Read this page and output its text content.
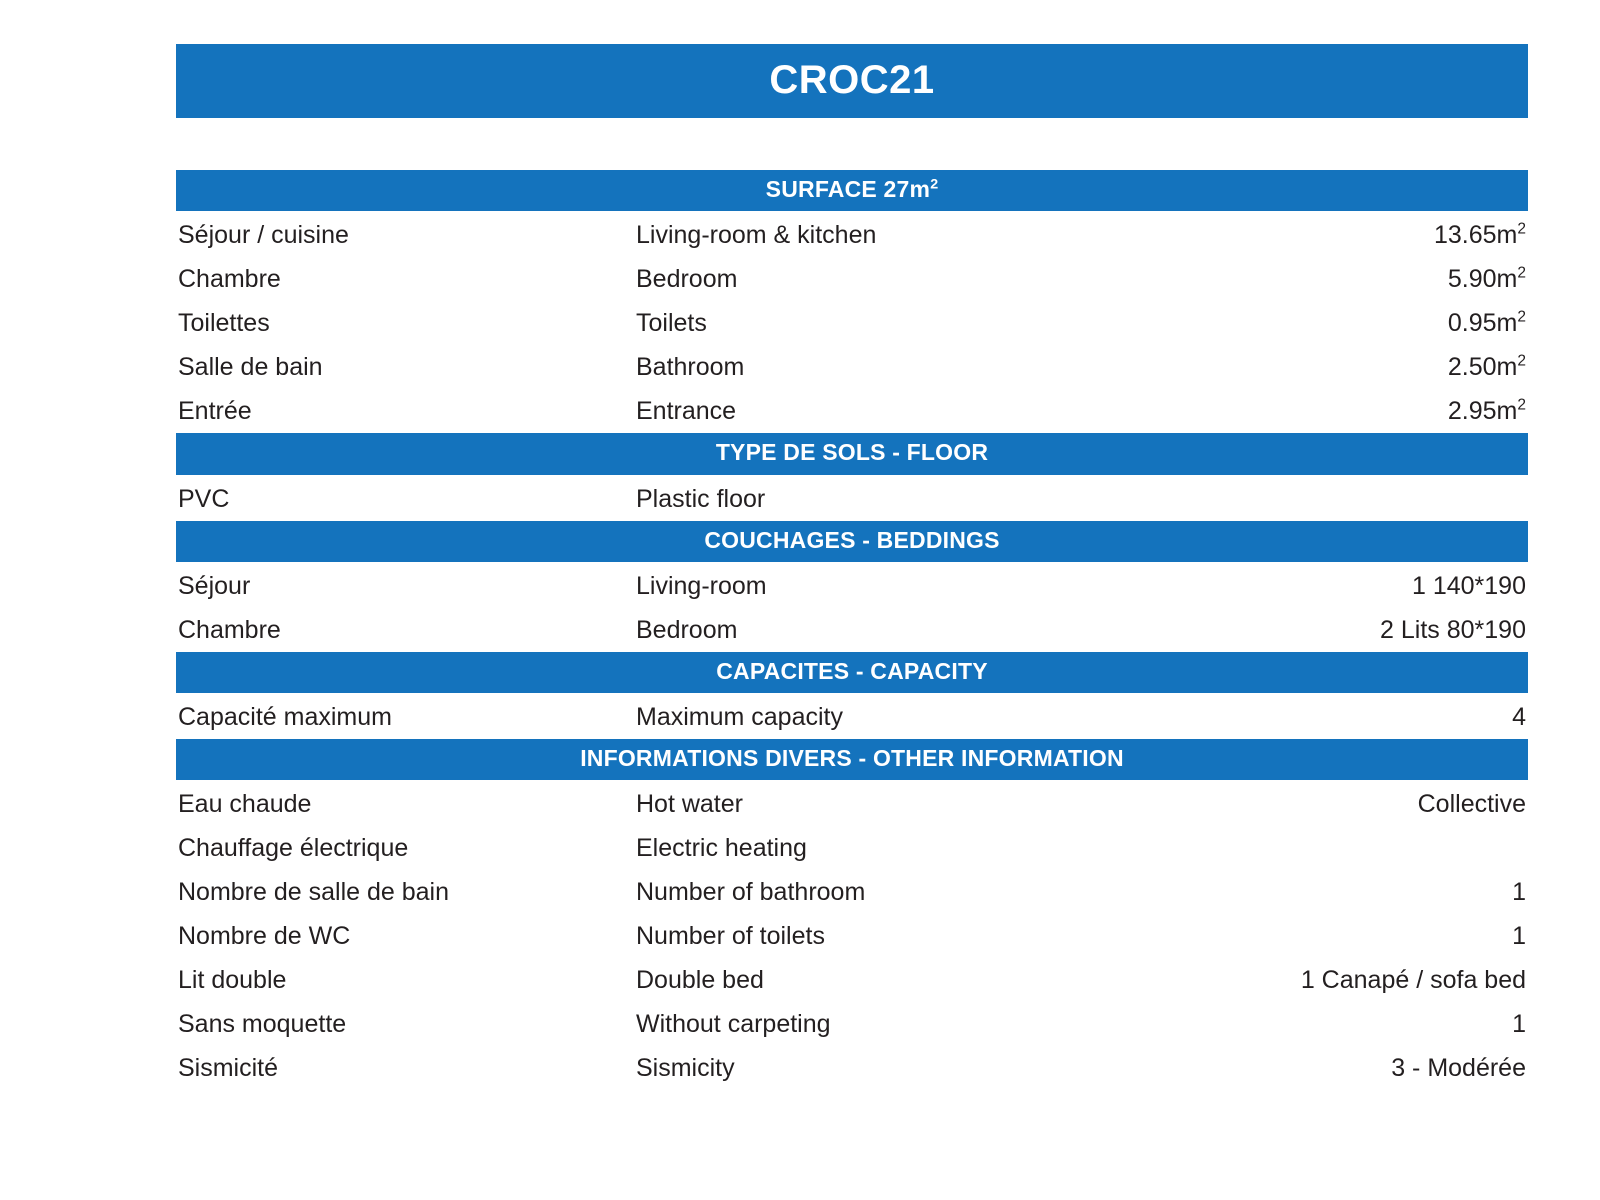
CROC21
SURFACE $27m^2$
Séjour / cuisine	Living-room & kitchen	$13.65m^2$
Chambre	Bedroom	$5.90m^2$
Toilettes	Toilets	$0.95m^2$
Salle de bain	Bathroom	$2.50m^2$
Entrée	Entrance	$2.95m^2$
TYPE DE SOLS - FLOOR
PVC	Plastic floor
COUCHAGES - BEDDINGS
Séjour	Living-room	1 140*190
Chambre	Bedroom	2 Lits 80*190
CAPACITES - CAPACITY
Capacité maximum	Maximum capacity	4
INFORMATIONS DIVERS - OTHER INFORMATION
Eau chaude	Hot water	Collective
Chauffage électrique	Electric heating
Nombre de salle de bain	Number of bathroom	1
Nombre de WC	Number of toilets	1
Lit double	Double bed	1 Canapé / sofa bed
Sans moquette	Without carpeting	1
Sismicité	Sismicity	3 - Modérée
